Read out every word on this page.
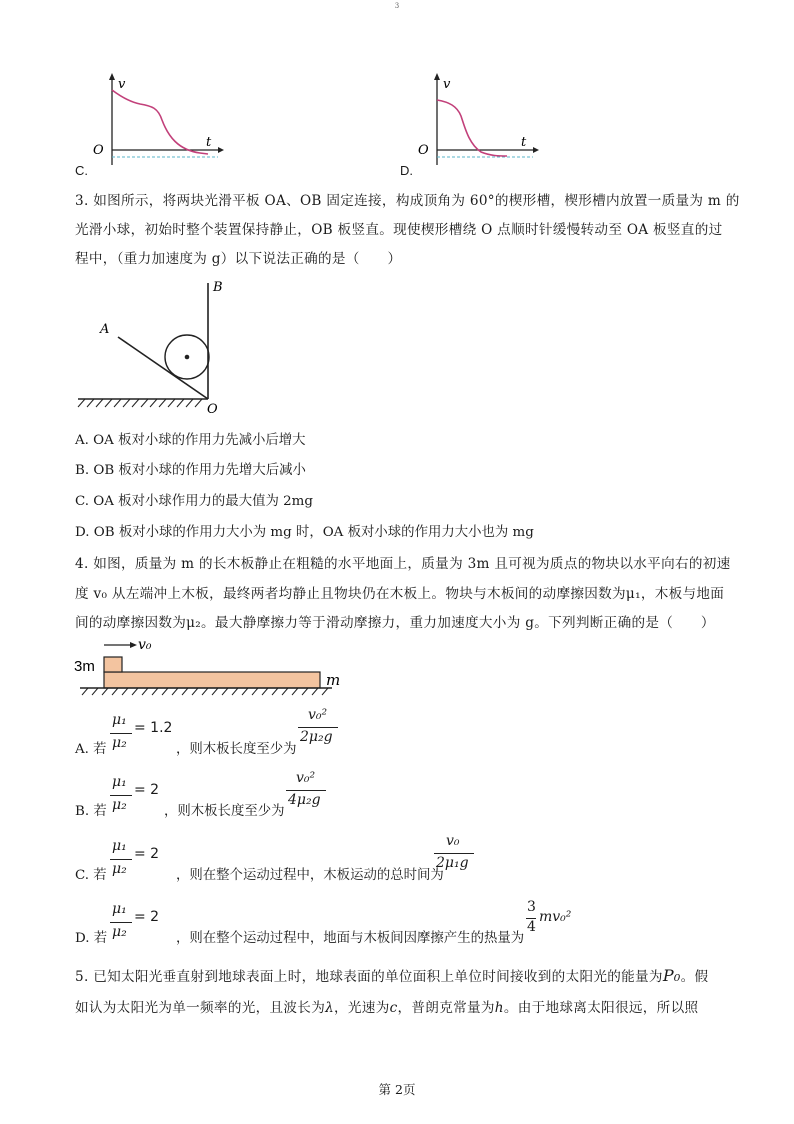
3
v
t
O
C.
v
t
O
D.
3. 如图所示，将两块光滑平板 OA、OB 固定连接，构成顶角为 60°的楔形槽，楔形槽内放置一质量为 m 的
光滑小球，初始时整个装置保持静止，OB 板竖直。现使楔形槽绕 O 点顺时针缓慢转动至 OA 板竖直的过
程中，（重力加速度为 g）以下说法正确的是（　　）
A
B
O
A. OA 板对小球的作用力先减小后增大
B. OB 板对小球的作用力先增大后减小
C. OA 板对小球作用力的最大值为 2mg
D. OB 板对小球的作用力大小为 mg 时，OA 板对小球的作用力大小也为 mg
4. 如图，质量为 m 的长木板静止在粗糙的水平地面上，质量为 3m 且可视为质点的物块以水平向右的初速
度 v₀ 从左端冲上木板，最终两者均静止且物块仍在木板上。物块与木板间的动摩擦因数为μ₁，木板与地面
间的动摩擦因数为μ₂。最大静摩擦力等于滑动摩擦力，重力加速度大小为 g。下列判断正确的是（　　）
3m
v₀
m
A. 若
μ₁
μ₂
= 1.2
，则木板长度至少为
v₀²
2μ₂g
B. 若
μ₁
μ₂
= 2
，则木板长度至少为
v₀²
4μ₂g
C. 若
μ₁
μ₂
= 2
，则在整个运动过程中，木板运动的总时间为
v₀
2μ₁g
D. 若
μ₁
μ₂
= 2
，则在整个运动过程中，地面与木板间因摩擦产生的热量为
3
4
mv₀²
5. 已知太阳光垂直射到地球表面上时，地球表面的单位面积上单位时间接收到的太阳光的能量为P₀。假
如认为太阳光为单一频率的光，且波长为λ，光速为c，普朗克常量为h。由于地球离太阳很远，所以照
第 2页
